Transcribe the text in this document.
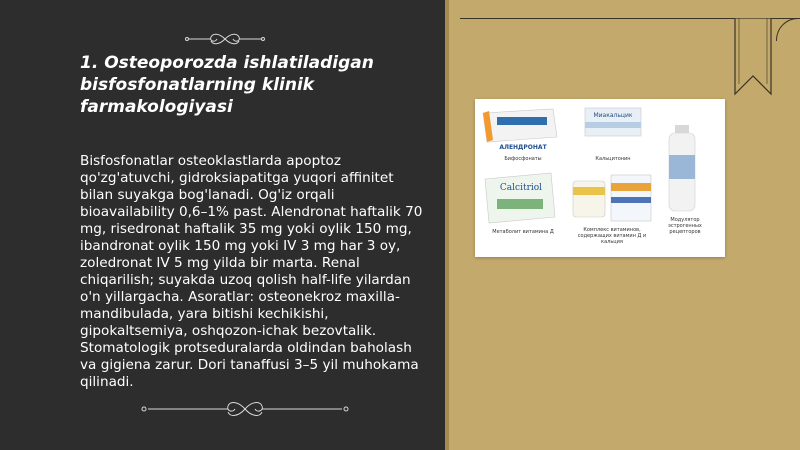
1. Osteoporozda ishlatiladigan bisfosfonatlarning klinik farmakologiyasi

Bisfosfonatlar osteoklastlarda apoptoz qo'zg'atuvchi, gidroksiapatitga yuqori affinitet bilan suyakga bog'lanadi. Og'iz orqali bioavailability 0,6–1% past. Alendronat haftalik 70 mg, risedronat haftalik 35 mg yoki oylik 150 mg, ibandronat oylik 150 mg yoki IV 3 mg har 3 oy, zoledronat IV 5 mg yilda bir marta. Renal chiqarilish; suyakda uzoq qolish half-life yilardan o'n yillargacha. Asoratlar: osteonekroz maxilla-mandibulada, yara bitishi kechikishi, gipokaltsemiya, oshqozon-ichak bezovtalik. Stomatologik protseduralarda oldindan baholash va gigiena zarur. Dori tanaffusi 3–5 yil muhokama qilinadi.

АЛЕНДРОНАТ
Миакальцик
Calcitriol
Бифосфонаты	Кальцитонин
Метаболит витамина Д	Комплекс витаминов, содержащих витамин Д и кальция
Модулятор эстрогенных рецепторов
